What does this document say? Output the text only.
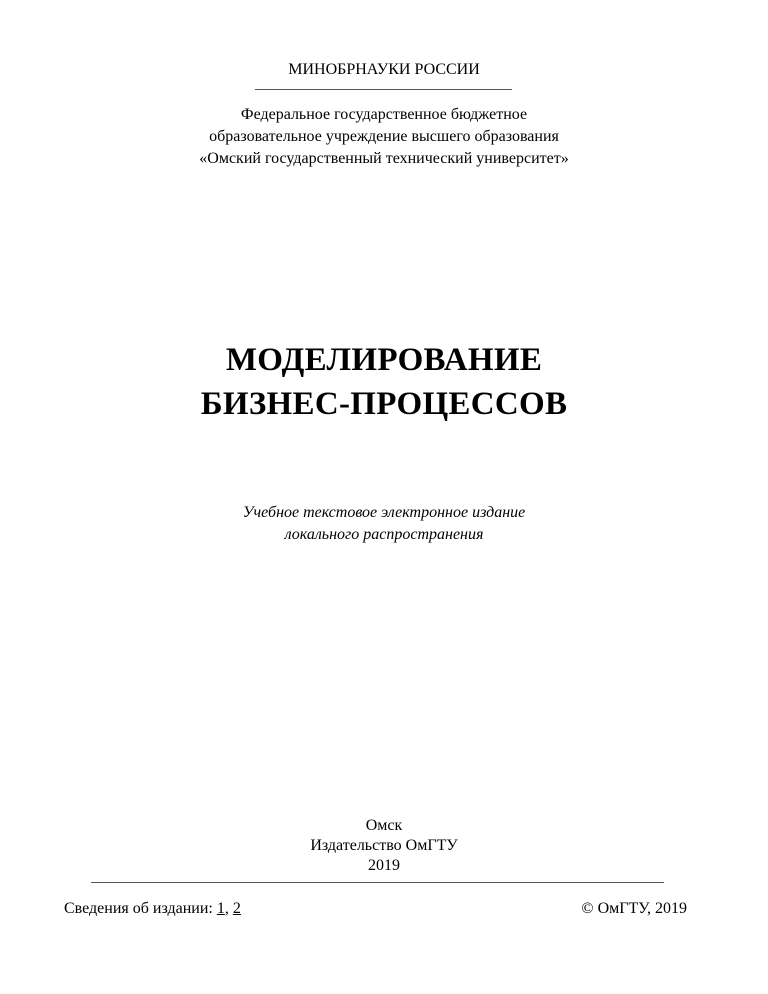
МИНОБРНАУКИ РОССИИ
Федеральное государственное бюджетное
образовательное учреждение высшего образования
«Омский государственный технический университет»
МОДЕЛИРОВАНИЕ
БИЗНЕС-ПРОЦЕССОВ
Учебное текстовое электронное издание
локального распространения
Омск
Издательство ОмГТУ
2019
Сведения об издании: 1, 2	© ОмГТУ, 2019
